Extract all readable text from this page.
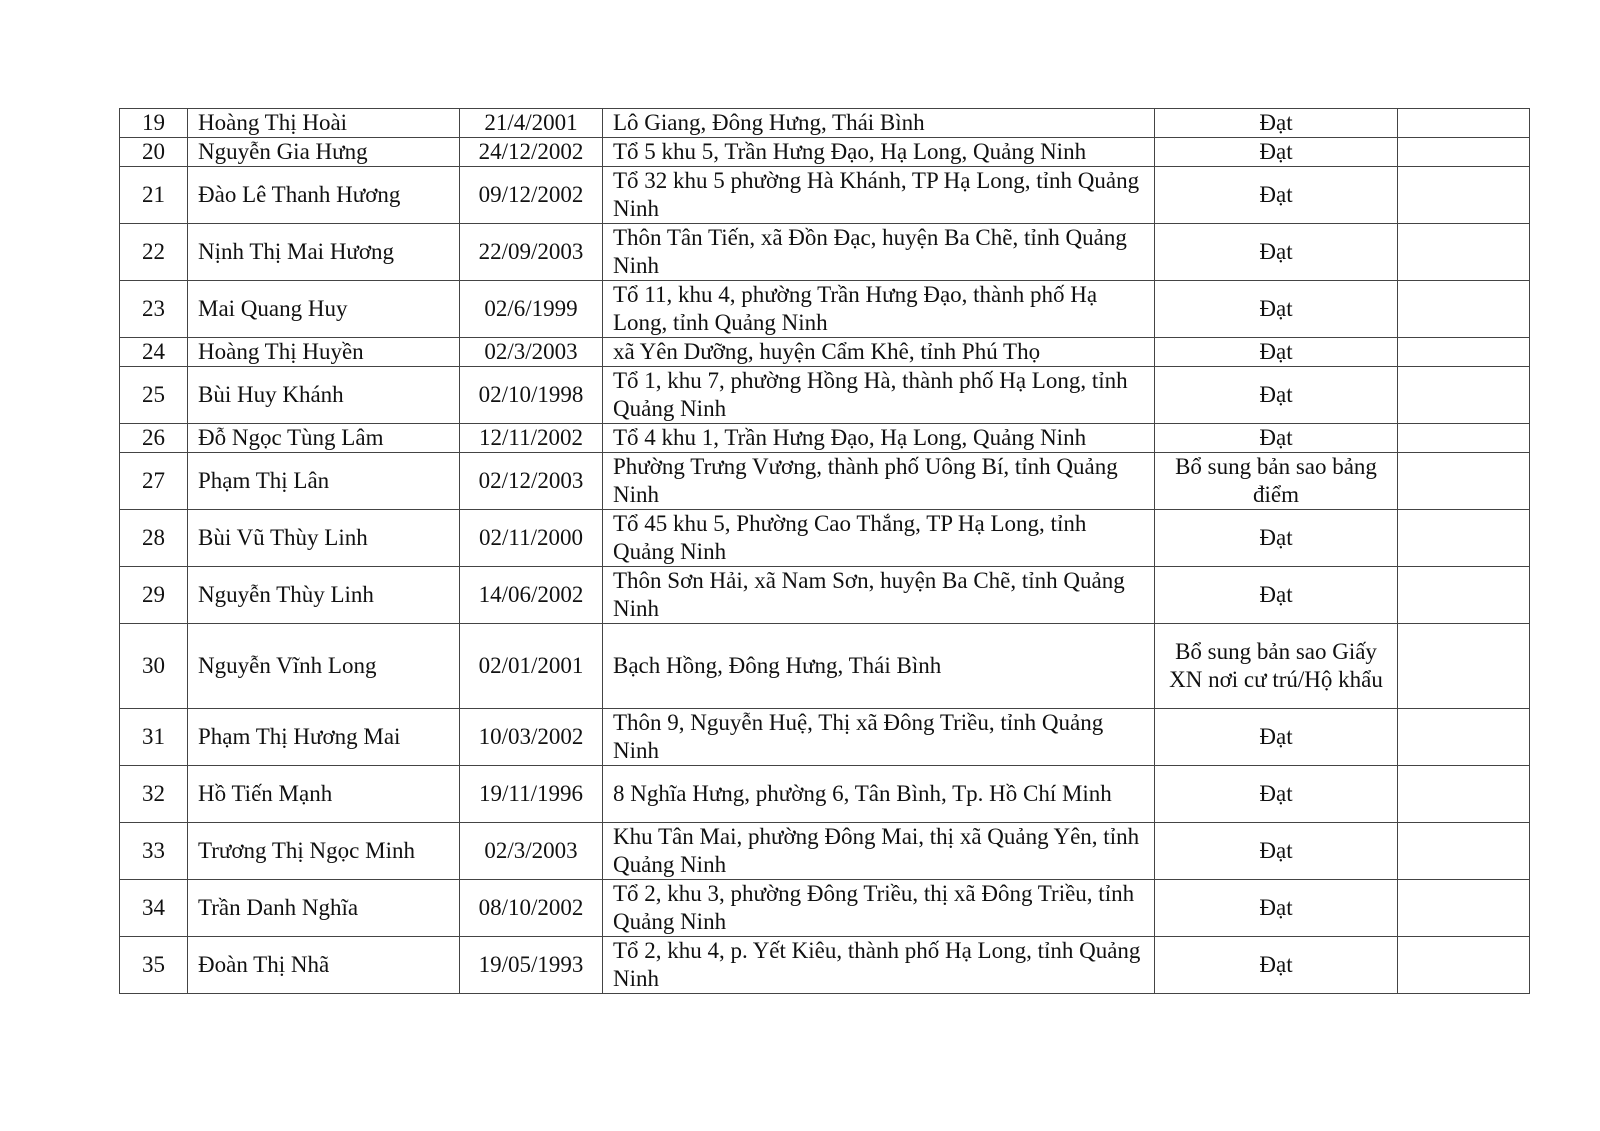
19	Hoàng Thị Hoài	21/4/2001	Lô Giang, Đông Hưng, Thái Bình	Đạt	
20	Nguyễn Gia Hưng	24/12/2002	Tổ 5 khu 5, Trần Hưng Đạo, Hạ Long, Quảng Ninh	Đạt	
21	Đào Lê Thanh Hương	09/12/2002	Tổ 32 khu 5 phường Hà Khánh, TP Hạ Long, tỉnh Quảng Ninh	Đạt	
22	Nịnh Thị Mai Hương	22/09/2003	Thôn Tân Tiến, xã Đồn Đạc, huyện Ba Chẽ, tỉnh Quảng Ninh	Đạt	
23	Mai Quang Huy	02/6/1999	Tổ 11, khu 4, phường Trần Hưng Đạo, thành phố Hạ Long, tỉnh Quảng Ninh	Đạt	
24	Hoàng Thị Huyền	02/3/2003	xã Yên Dưỡng, huyện Cẩm Khê, tỉnh Phú Thọ	Đạt	
25	Bùi Huy Khánh	02/10/1998	Tổ 1, khu 7, phường Hồng Hà, thành phố Hạ Long, tỉnh Quảng Ninh	Đạt	
26	Đỗ Ngọc Tùng Lâm	12/11/2002	Tổ 4 khu 1, Trần Hưng Đạo, Hạ Long, Quảng Ninh	Đạt	
27	Phạm Thị Lân	02/12/2003	Phường Trưng Vương, thành phố Uông Bí, tỉnh Quảng Ninh	Bổ sung bản sao bảng điểm	
28	Bùi Vũ Thùy Linh	02/11/2000	Tổ 45 khu 5, Phường Cao Thắng, TP Hạ Long, tỉnh Quảng Ninh	Đạt	
29	Nguyễn Thùy Linh	14/06/2002	Thôn Sơn Hải, xã Nam Sơn, huyện Ba Chẽ, tỉnh Quảng Ninh	Đạt	
30	Nguyễn Vĩnh Long	02/01/2001	Bạch Hồng, Đông Hưng, Thái Bình	Bổ sung bản sao Giấy XN nơi cư trú/Hộ khẩu	
31	Phạm Thị Hương Mai	10/03/2002	Thôn 9, Nguyễn Huệ, Thị xã Đông Triều, tỉnh Quảng Ninh	Đạt	
32	Hồ Tiến Mạnh	19/11/1996	8 Nghĩa Hưng, phường 6, Tân Bình, Tp. Hồ Chí Minh	Đạt	
33	Trương Thị Ngọc Minh	02/3/2003	Khu Tân Mai, phường Đông Mai, thị xã Quảng Yên, tỉnh Quảng Ninh	Đạt	
34	Trần Danh Nghĩa	08/10/2002	Tổ 2, khu 3, phường Đông Triều, thị xã Đông Triều, tỉnh Quảng Ninh	Đạt	
35	Đoàn Thị Nhã	19/05/1993	Tổ 2, khu 4, p. Yết Kiêu, thành phố Hạ Long, tỉnh Quảng Ninh	Đạt	
